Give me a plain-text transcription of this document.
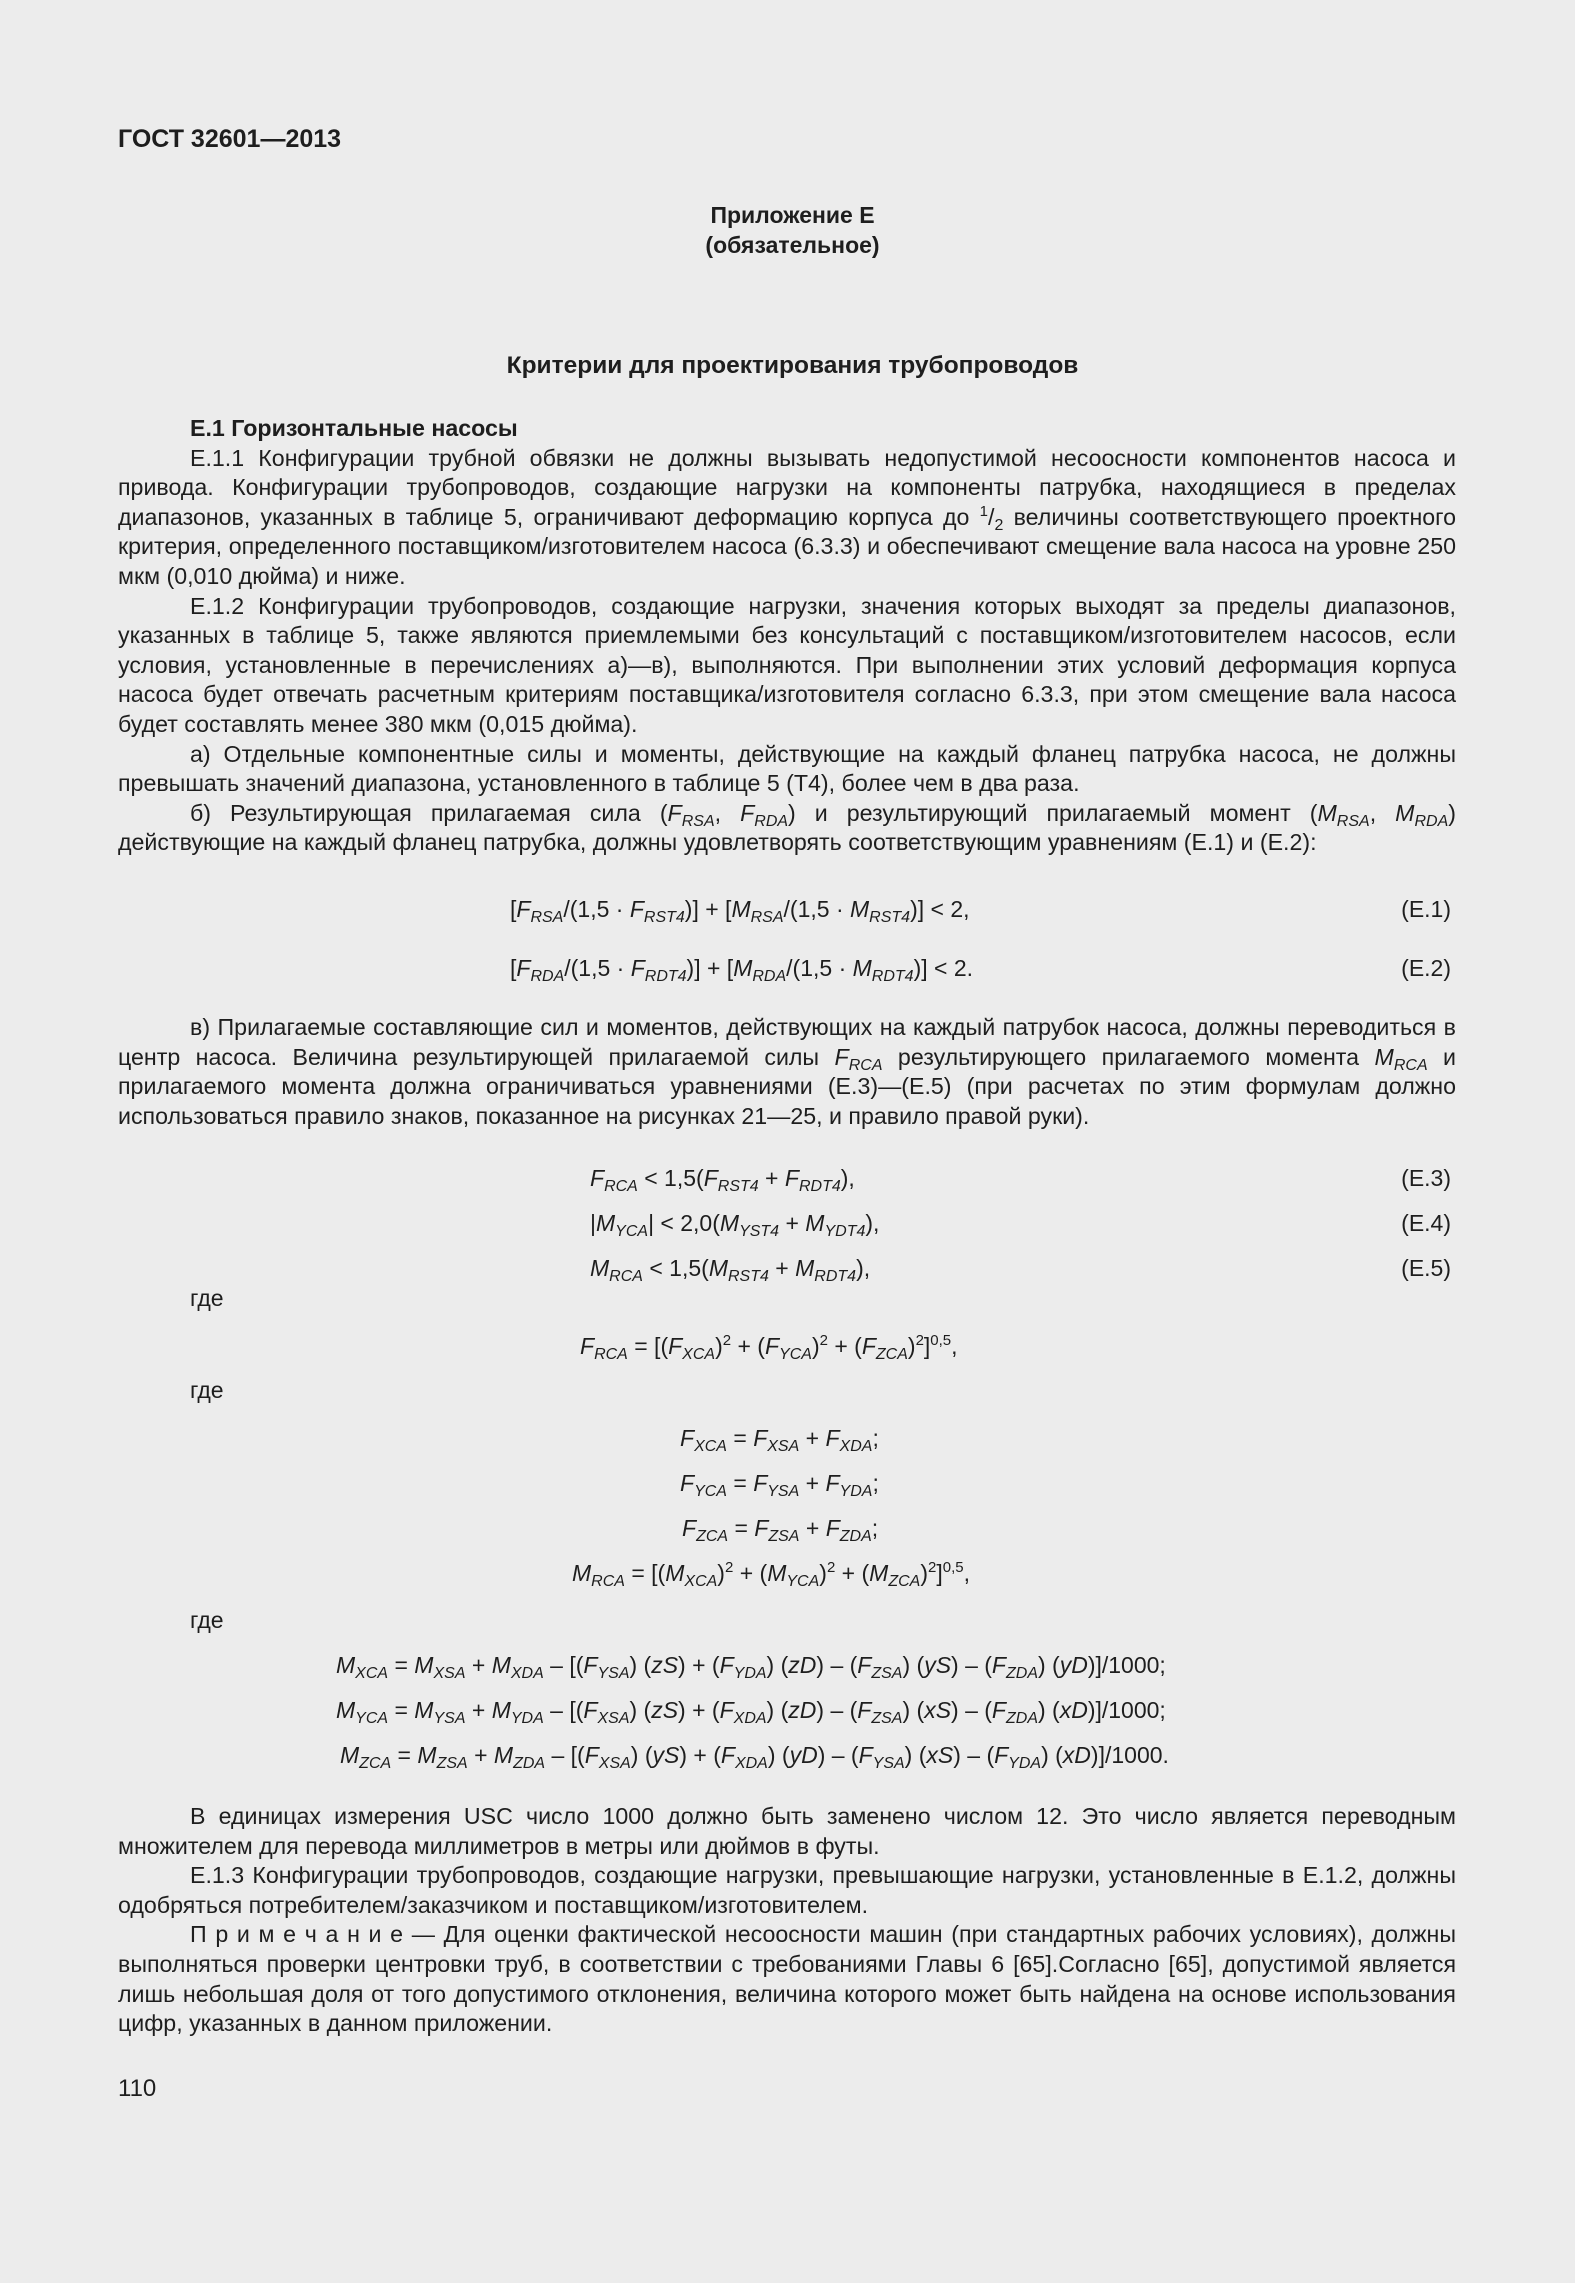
ГОСТ 32601—2013
Приложение Е
(обязательное)
Критерии для проектирования трубопроводов

Е.1 Горизонтальные насосы

Е.1.1 Конфигурации трубной обвязки не должны вызывать недопустимой несоосности компонентов насоса и привода. Конфигурации трубопроводов, создающие нагрузки на компоненты патрубка, находящиеся в пределах диапазонов, указанных в таблице 5, ограничивают деформацию корпуса до $^1/_2$ величины соответствующего проектного критерия, определенного поставщиком/изготовителем насоса (6.3.3) и обеспечивают смещение вала насоса на уровне 250 мкм (0,010 дюйма) и ниже.

Е.1.2 Конфигурации трубопроводов, создающие нагрузки, значения которых выходят за пределы диапазонов, указанных в таблице 5, также являются приемлемыми без консультаций с поставщиком/изготовителем насосов, если условия, установленные в перечислениях а)—в), выполняются. При выполнении этих условий деформация корпуса насоса будет отвечать расчетным критериям поставщика/изготовителя согласно 6.3.3, при этом смещение вала насоса будет составлять менее 380 мкм (0,015 дюйма).

а) Отдельные компонентные силы и моменты, действующие на каждый фланец патрубка насоса, не должны превышать значений диапазона, установленного в таблице 5 (Т4), более чем в два раза.

б) Результирующая прилагаемая сила ($F_{RSA}$, $F_{RDA}$) и результирующий прилагаемый момент ($M_{RSA}$, $M_{RDA}$) действующие на каждый фланец патрубка, должны удовлетворять соответствующим уравнениям (Е.1) и (Е.2):

$[F_{RSA}/(1,5 \cdot F_{RST4})] + [M_{RSA}/(1,5 \cdot M_{RST4})] < 2$,	(Е.1)
$[F_{RDA}/(1,5 \cdot F_{RDT4})] + [M_{RDA}/(1,5 \cdot M_{RDT4})] < 2$.	(Е.2)

в) Прилагаемые составляющие сил и моментов, действующих на каждый патрубок насоса, должны переводиться в центр насоса. Величина результирующей прилагаемой силы $F_{RCA}$ результирующего прилагаемого момента $M_{RCA}$ и прилагаемого момента должна ограничиваться уравнениями (Е.3)—(Е.5) (при расчетах по этим формулам должно использоваться правило знаков, показанное на рисунках 21—25, и правило правой руки).

$F_{RCA} < 1,5(F_{RST4} + F_{RDT4})$,	(Е.3)
$|M_{YCA}| < 2,0(M_{YST4} + M_{YDT4})$,	(Е.4)
$M_{RCA} < 1,5(M_{RST4} + M_{RDT4})$,	(Е.5)
где
$F_{RCA} = [(F_{XCA})^2 + (F_{YCA})^2 + (F_{ZCA})^2]^{0,5}$,
где
$F_{XCA} = F_{XSA} + F_{XDA}$;
$F_{YCA} = F_{YSA} + F_{YDA}$;
$F_{ZCA} = F_{ZSA} + F_{ZDA}$;
$M_{RCA} = [(M_{XCA})^2 + (M_{YCA})^2 + (M_{ZCA})^2]^{0,5}$,
где
$M_{XCA} = M_{XSA} + M_{XDA} - [(F_{YSA}) (zS) + (F_{YDA})$ $(zD) - (F_{ZSA})$ $(yS) - (F_{ZDA})$ (yD)]/1000;
$M_{YCA} = M_{YSA} + M_{YDA} - [(F_{XSA}) (zS) + (F_{XDA})$ $(zD) - (F_{ZSA})$ $(xS) - (F_{ZDA})$ (xD)]/1000;
$M_{ZCA} = M_{ZSA} + M_{ZDA} - [(F_{XSA}) (yS) + (F_{XDA})$ $(yD) - (F_{YSA})$ $(xS) - (F_{YDA})$ (xD)]/1000.

В единицах измерения USC число 1000 должно быть заменено числом 12. Это число является переводным множителем для перевода миллиметров в метры или дюймов в футы.

Е.1.3 Конфигурации трубопроводов, создающие нагрузки, превышающие нагрузки, установленные в Е.1.2, должны одобряться потребителем/заказчиком и поставщиком/изготовителем.

П р и м е ч а н и е — Для оценки фактической несоосности машин (при стандартных рабочих условиях), должны выполняться проверки центровки труб, в соответствии с требованиями Главы 6 [65].Согласно [65], допустимой является лишь небольшая доля от того допустимого отклонения, величина которого может быть найдена на основе использования цифр, указанных в данном приложении.

110
